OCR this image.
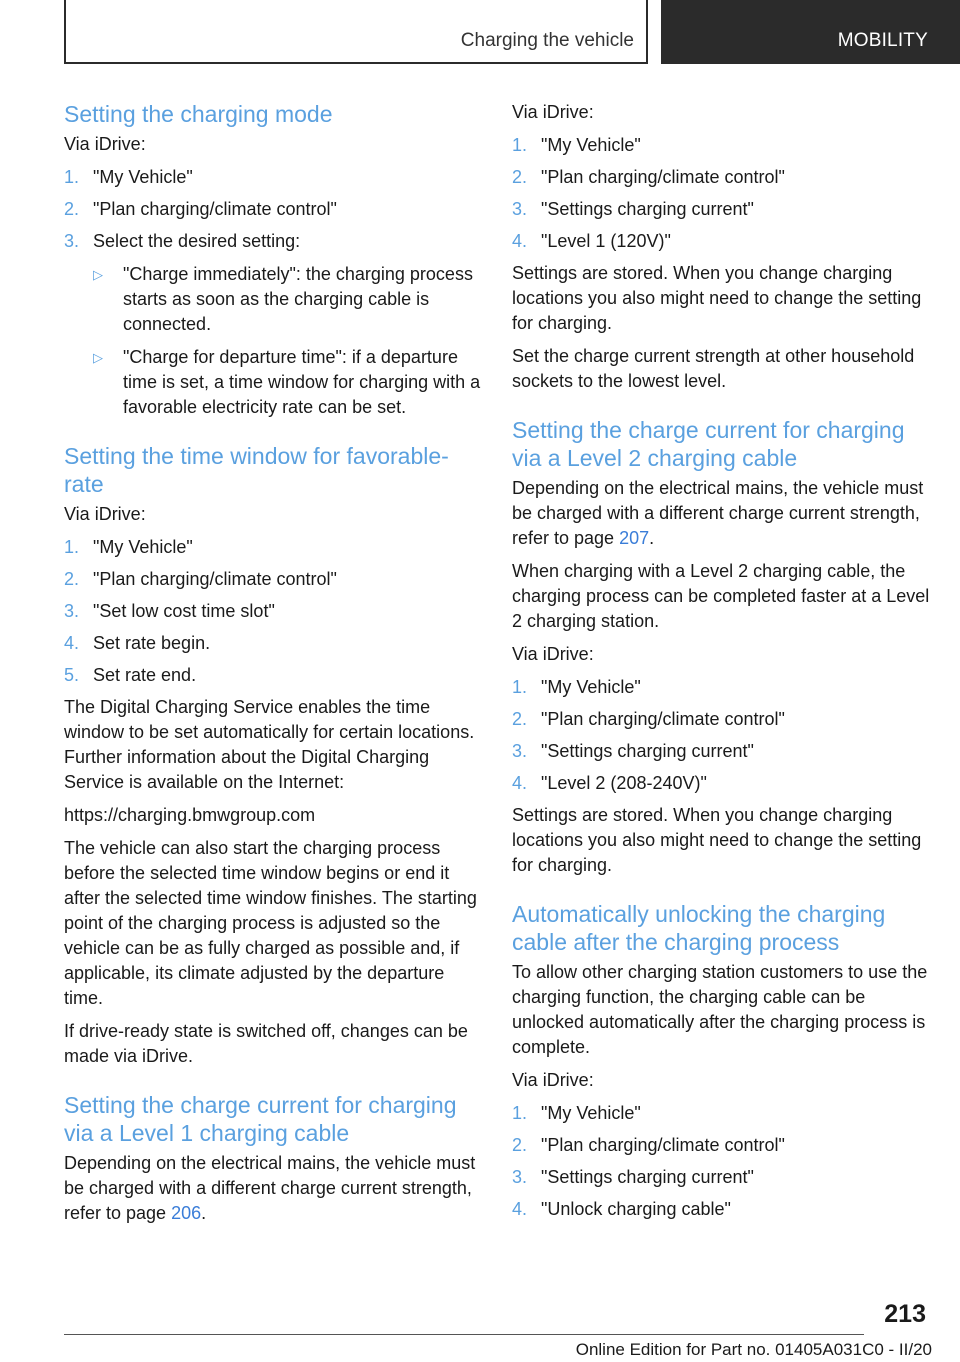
Charging the vehicle	MOBILITY
Setting the charging mode

Via iDrive:

1. "My Vehicle"
2. "Plan charging/climate control"
3. Select the desired setting:
▷ "Charge immediately": the charging process starts as soon as the charging cable is connected.
▷ "Charge for departure time": if a departure time is set, a time window for charging with a favorable electricity rate can be set.
Setting the time window for favorable-rate

Via iDrive:

1. "My Vehicle"
2. "Plan charging/climate control"
3. "Set low cost time slot"
4. Set rate begin.
5. Set rate end.

The Digital Charging Service enables the time window to be set automatically for certain locations. Further information about the Digital Charging Service is available on the Internet:

https://charging.bmwgroup.com

The vehicle can also start the charging process before the selected time window begins or end it after the selected time window finishes. The starting point of the charging process is adjusted so the vehicle can be as fully charged as possible and, if applicable, its climate adjusted by the departure time.

If drive-ready state is switched off, changes can be made via iDrive.

Setting the charge current for charging via a Level 1 charging cable

Depending on the electrical mains, the vehicle must be charged with a different charge current strength, refer to page 206.

Via iDrive:

1. "My Vehicle"
2. "Plan charging/climate control"
3. "Settings charging current"
4. "Level 1 (120V)"

Settings are stored. When you change charging locations you also might need to change the setting for charging.

Set the charge current strength at other household sockets to the lowest level.

Setting the charge current for charging via a Level 2 charging cable

Depending on the electrical mains, the vehicle must be charged with a different charge current strength, refer to page 207.

When charging with a Level 2 charging cable, the charging process can be completed faster at a Level 2 charging station.

Via iDrive:

1. "My Vehicle"
2. "Plan charging/climate control"
3. "Settings charging current"
4. "Level 2 (208-240V)"

Settings are stored. When you change charging locations you also might need to change the setting for charging.

Automatically unlocking the charging cable after the charging process

To allow other charging station customers to use the charging function, the charging cable can be unlocked automatically after the charging process is complete.

Via iDrive:

1. "My Vehicle"
2. "Plan charging/climate control"
3. "Settings charging current"
4. "Unlock charging cable"
213
Online Edition for Part no. 01405A031C0 - II/20
